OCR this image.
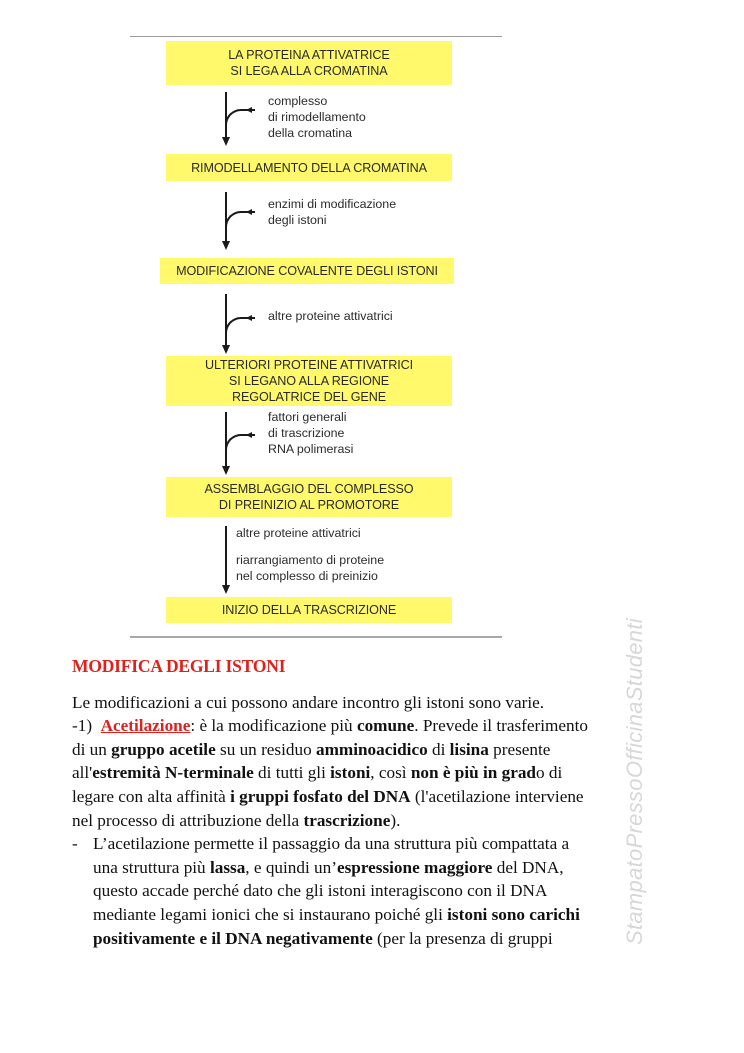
LA PROTEINA ATTIVATRICE
SI LEGA ALLA CROMATINA
complesso
di rimodellamento
della cromatina
RIMODELLAMENTO DELLA CROMATINA
enzimi di modificazione
degli istoni
MODIFICAZIONE COVALENTE DEGLI ISTONI
altre proteine attivatrici
ULTERIORI PROTEINE ATTIVATRICI
SI LEGANO ALLA REGIONE
REGOLATRICE DEL GENE
fattori generali
di trascrizione
RNA polimerasi
ASSEMBLAGGIO DEL COMPLESSO
DI PREINIZIO AL PROMOTORE
altre proteine attivatrici
riarrangiamento di proteine
nel complesso di preinizio
INIZIO DELLA TRASCRIZIONE
MODIFICA DEGLI ISTONI

Le modificazioni a cui possono andare incontro gli istoni sono varie.

-1) Acetilazione: è la modificazione più comune. Prevede il trasferimento

di un gruppo acetile su un residuo amminoacidico di lisina presente

all'estremità N-terminale di tutti gli istoni, così non è più in grado di

legare con alta affinità i gruppi fosfato del DNA (l'acetilazione interviene

nel processo di attribuzione della trascrizione).

- L’acetilazione permette il passaggio da una struttura più compattata a

una struttura più lassa, e quindi un’espressione maggiore del DNA,

questo accade perché dato che gli istoni interagiscono con il DNA

mediante legami ionici che si instaurano poiché gli istoni sono carichi

positivamente e il DNA negativamente (per la presenza di gruppi	StampatoPressoOfficinaStudenti
